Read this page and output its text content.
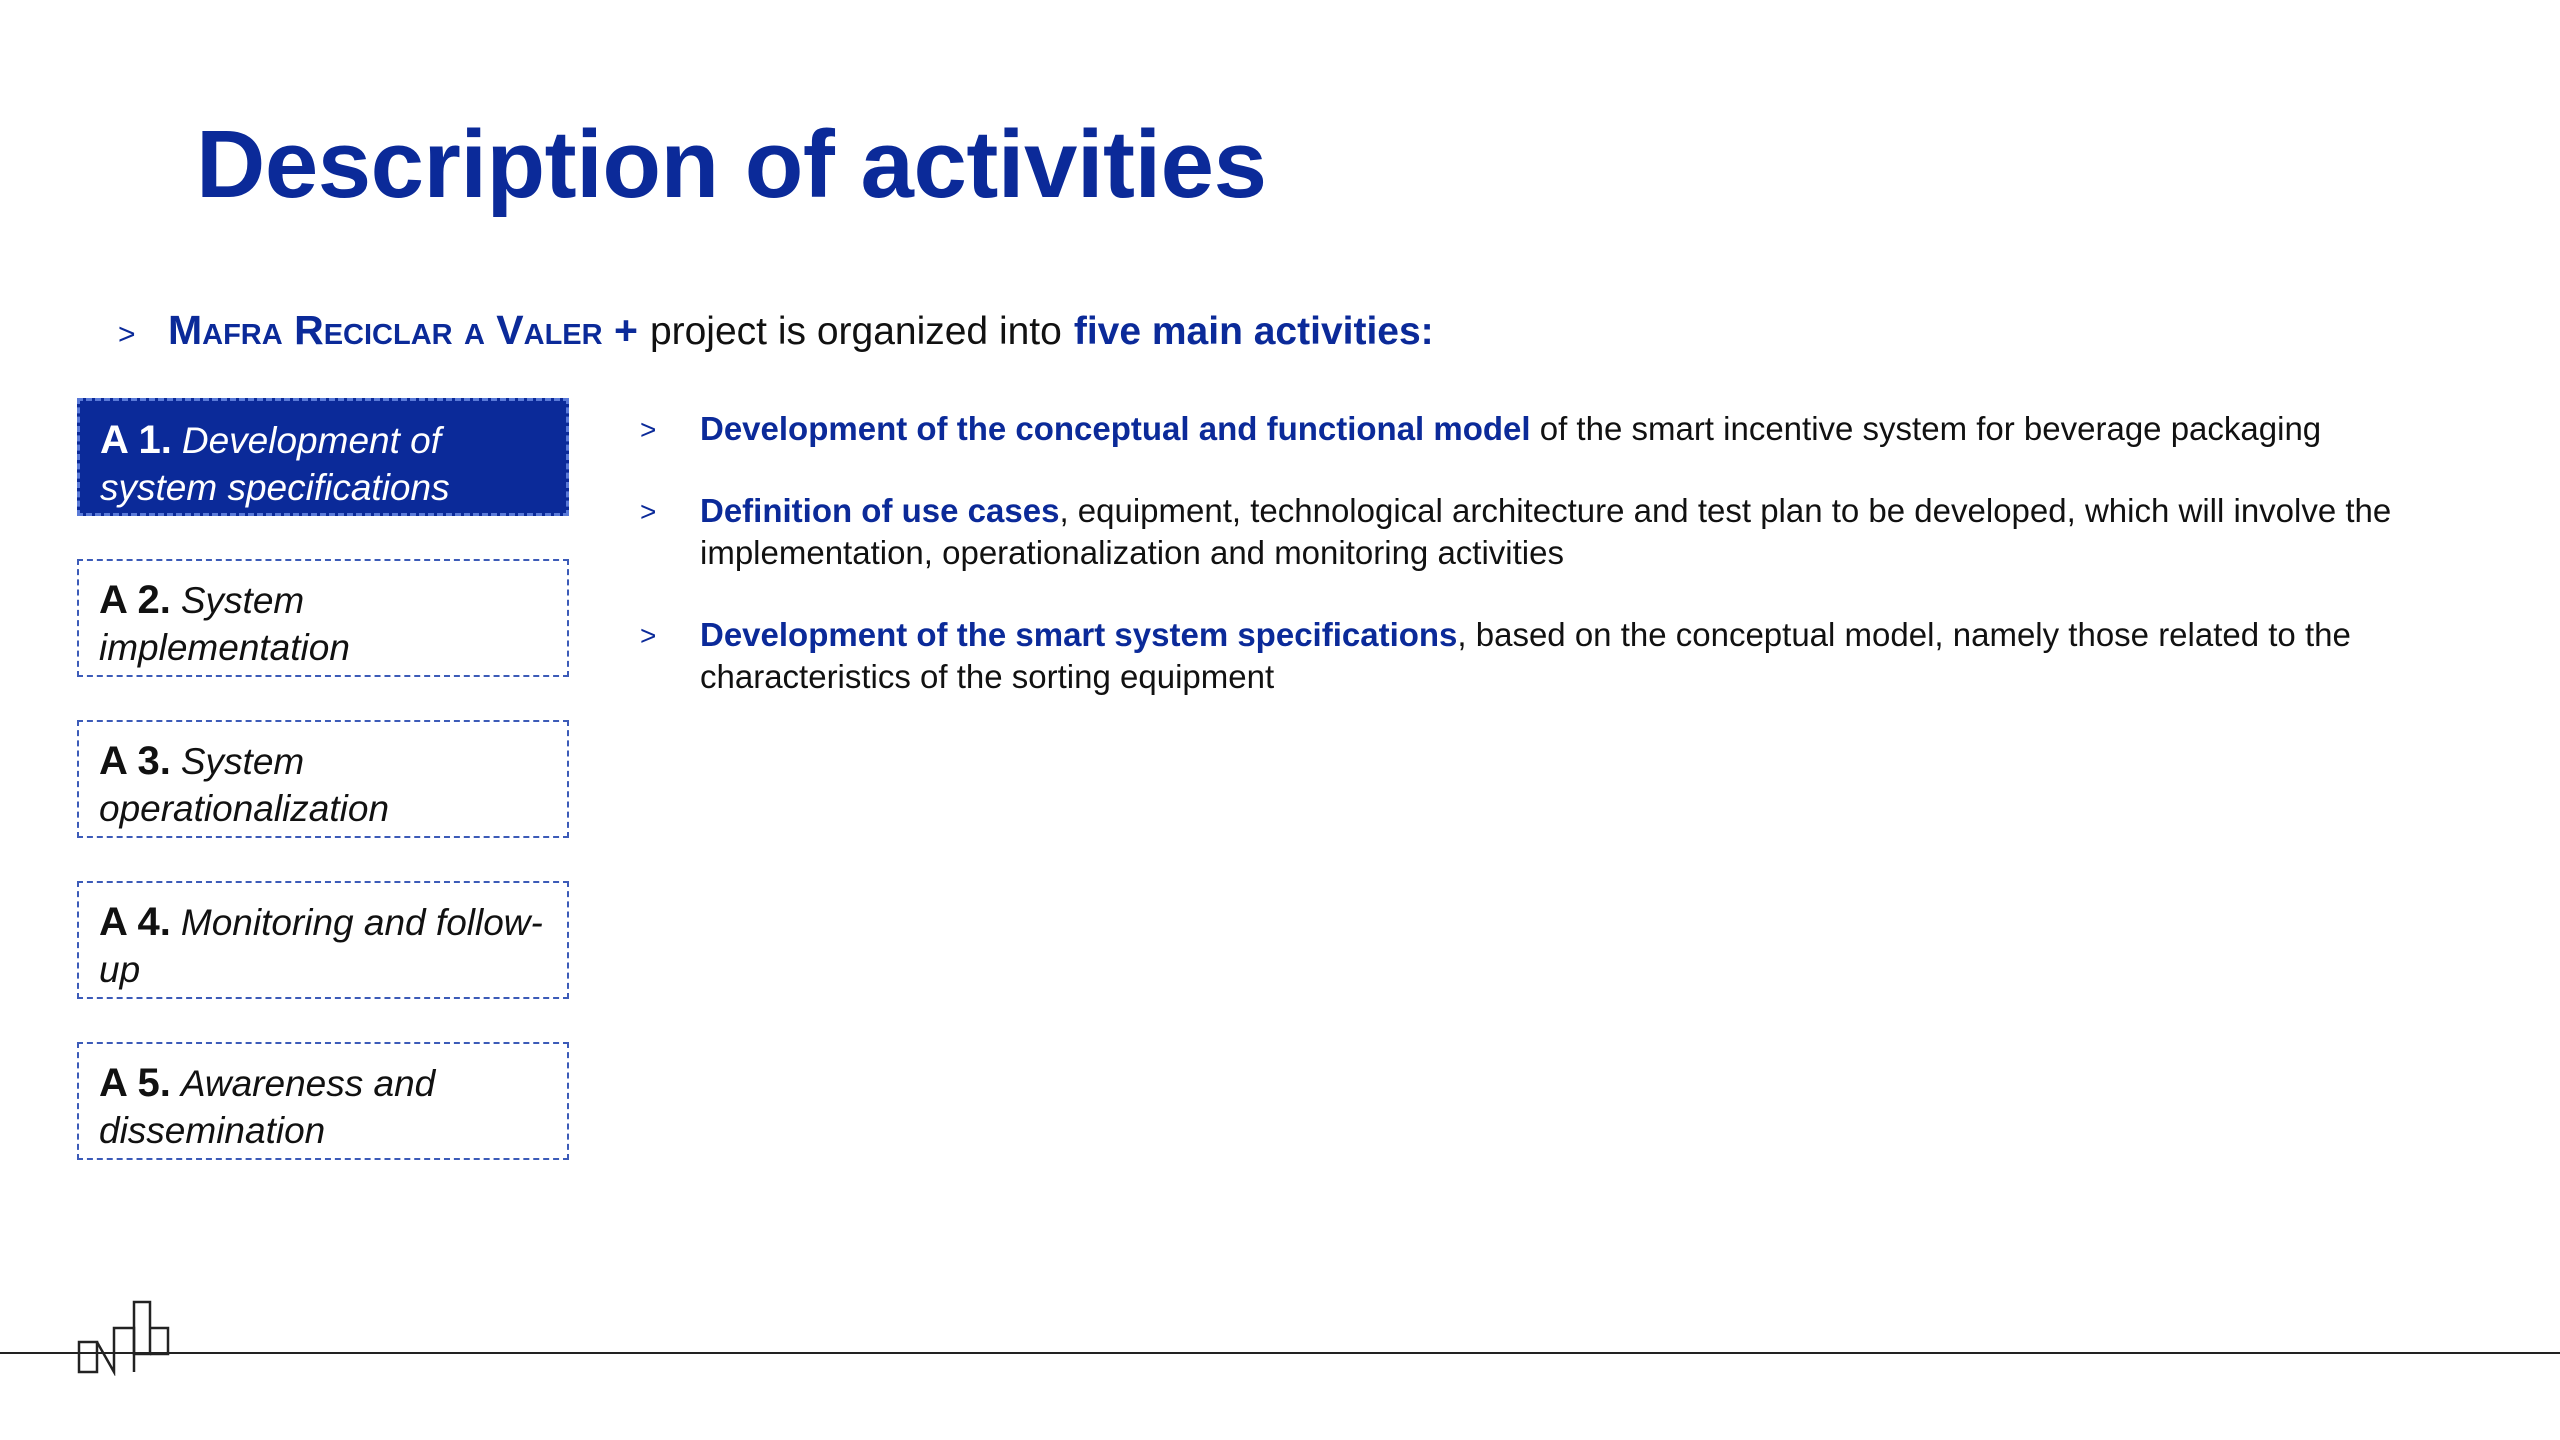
Description of activities
> Mafra Reciclar a Valer + project is organized into five main activities:
A 1. Development of system specifications
A 2. System implementation
A 3. System operationalization
A 4. Monitoring and follow-up
A 5. Awareness and dissemination
>	Development of the conceptual and functional model of the smart incentive system for beverage packaging
>	Definition of use cases, equipment, technological architecture and test plan to be developed, which will involve the implementation, operationalization and monitoring activities
>	Development of the smart system specifications, based on the conceptual model, namely those related to the characteristics of the sorting equipment
